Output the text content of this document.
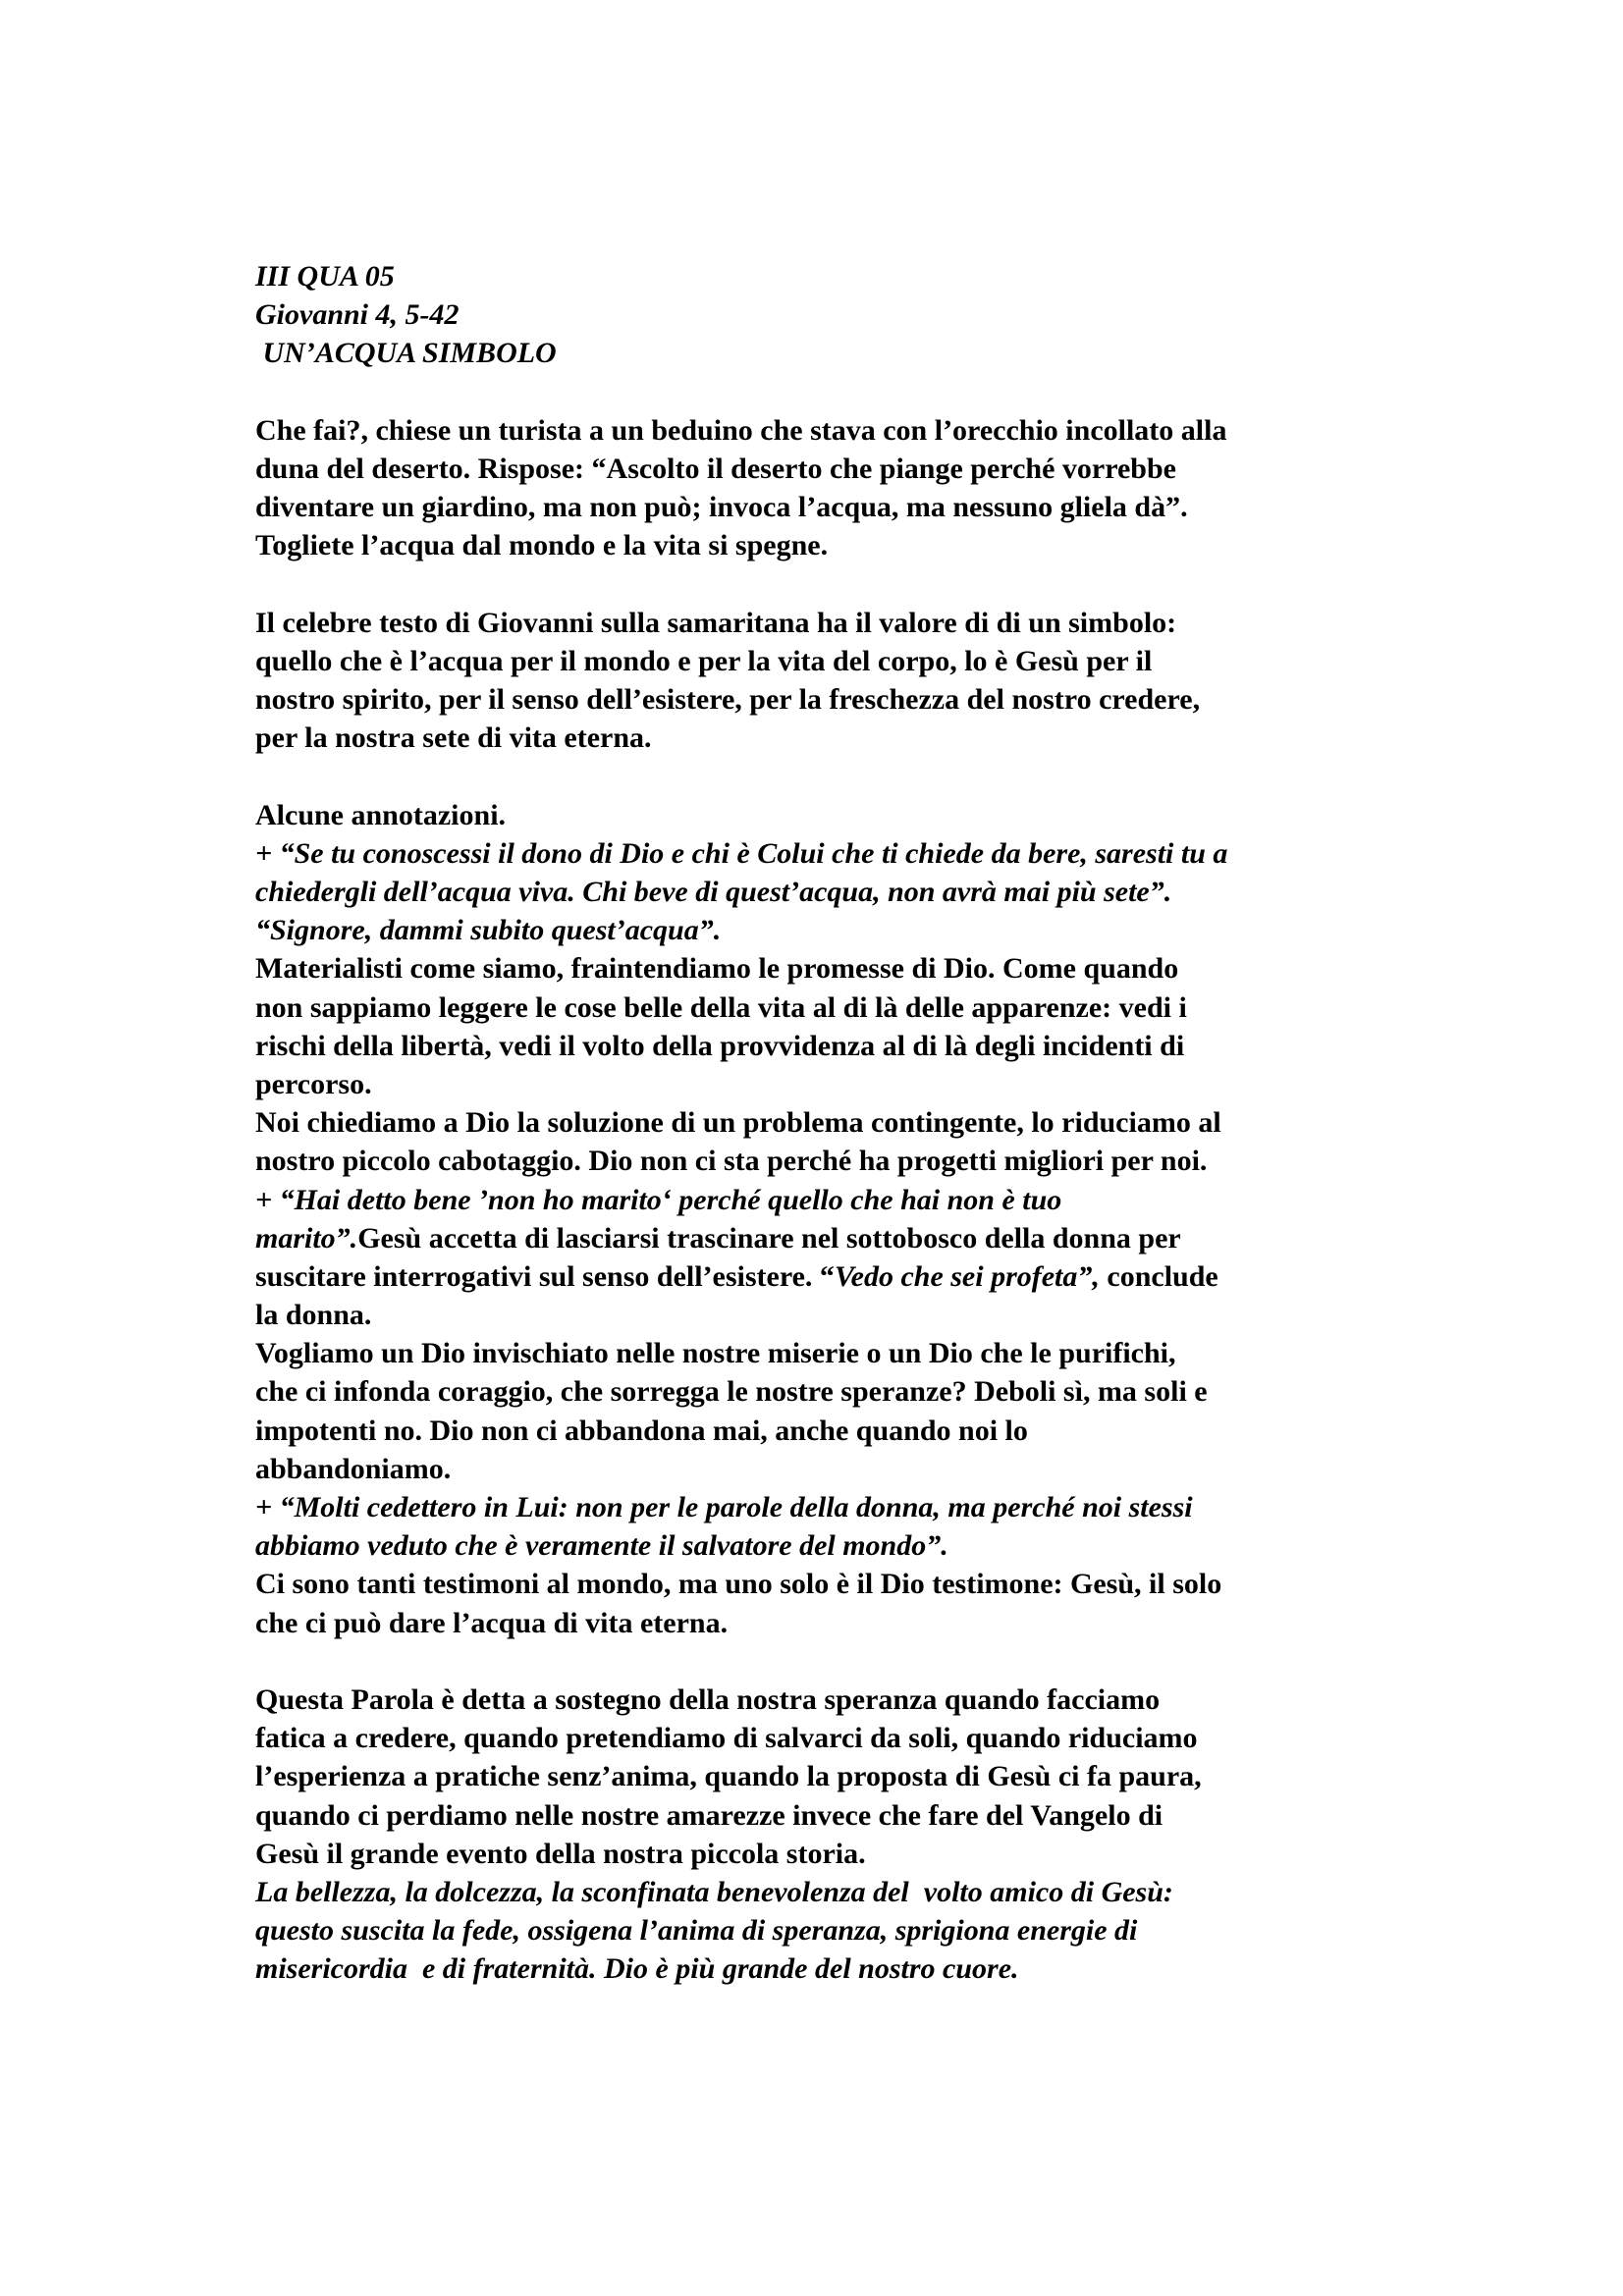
III QUA 05
Giovanni 4, 5-42
UN’ACQUA SIMBOLO
Che fai?, chiese un turista a un beduino che stava con l’orecchio incollato alla
duna del deserto. Rispose: “Ascolto il deserto che piange perché vorrebbe
diventare un giardino, ma non può; invoca l’acqua, ma nessuno gliela dà”.
Togliete l’acqua dal mondo e la vita si spegne.
Il celebre testo di Giovanni sulla samaritana ha il valore di di un simbolo:
quello che è l’acqua per il mondo e per la vita del corpo, lo è Gesù per il
nostro spirito, per il senso dell’esistere, per la freschezza del nostro credere,
per la nostra sete di vita eterna.
Alcune annotazioni.
+ “Se tu conoscessi il dono di Dio e chi è Colui che ti chiede da bere, saresti tu a
chiedergli dell’acqua viva. Chi beve di quest’acqua, non avrà mai più sete”.
“Signore, dammi subito quest’acqua”.
Materialisti come siamo, fraintendiamo le promesse di Dio. Come quando
non sappiamo leggere le cose belle della vita al di là delle apparenze: vedi i
rischi della libertà, vedi il volto della provvidenza al di là degli incidenti di
percorso.
Noi chiediamo a Dio la soluzione di un problema contingente, lo riduciamo al
nostro piccolo cabotaggio. Dio non ci sta perché ha progetti migliori per noi.
+ “Hai detto bene ’non ho marito‘ perché quello che hai non è tuo
marito”.Gesù accetta di lasciarsi trascinare nel sottobosco della donna per
suscitare interrogativi sul senso dell’esistere. “Vedo che sei profeta”, conclude
la donna.
Vogliamo un Dio invischiato nelle nostre miserie o un Dio che le purifichi,
che ci infonda coraggio, che sorregga le nostre speranze? Deboli sì, ma soli e
impotenti no. Dio non ci abbandona mai, anche quando noi lo
abbandoniamo.
+ “Molti cedettero in Lui: non per le parole della donna, ma perché noi stessi
abbiamo veduto che è veramente il salvatore del mondo”.
Ci sono tanti testimoni al mondo, ma uno solo è il Dio testimone: Gesù, il solo
che ci può dare l’acqua di vita eterna.
Questa Parola è detta a sostegno della nostra speranza quando facciamo
fatica a credere, quando pretendiamo di salvarci da soli, quando riduciamo
l’esperienza a pratiche senz’anima, quando la proposta di Gesù ci fa paura,
quando ci perdiamo nelle nostre amarezze invece che fare del Vangelo di
Gesù il grande evento della nostra piccola storia.
La bellezza, la dolcezza, la sconfinata benevolenza del  volto amico di Gesù:
questo suscita la fede, ossigena l’anima di speranza, sprigiona energie di
misericordia  e di fraternità. Dio è più grande del nostro cuore.
